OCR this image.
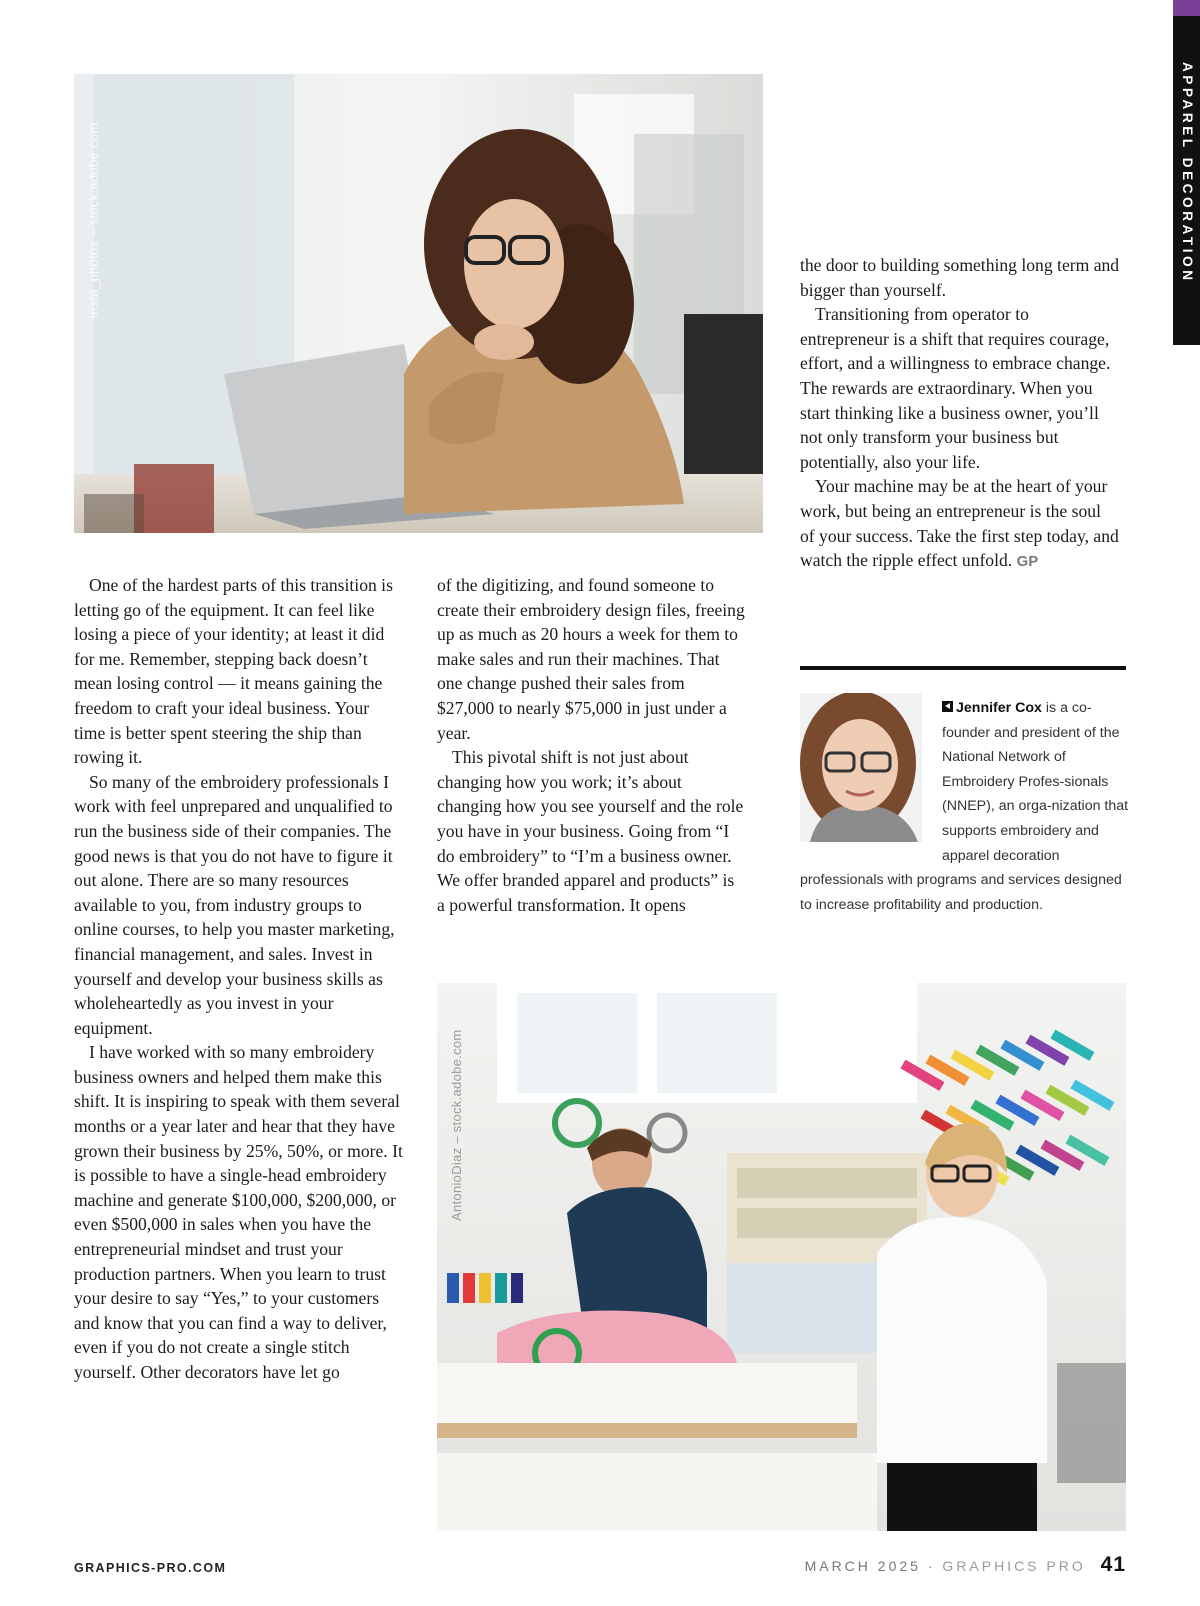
APPAREL DECORATION
insta_photos – stock.adobe.com

One of the hardest parts of this transition is letting go of the equipment. It can feel like losing a piece of your identity; at least it did for me. Remember, stepping back doesn’t mean losing control — it means gaining the freedom to craft your ideal business. Your time is better spent steering the ship than rowing it.

So many of the embroidery professionals I work with feel unprepared and unqualified to run the business side of their companies. The good news is that you do not have to figure it out alone. There are so many resources available to you, from industry groups to online courses, to help you master marketing, financial management, and sales. Invest in yourself and develop your business skills as wholeheartedly as you invest in your equipment.

I have worked with so many embroidery business owners and helped them make this shift. It is inspiring to speak with them several months or a year later and hear that they have grown their business by 25%, 50%, or more. It is possible to have a single-head embroidery machine and generate $100,000, $200,000, or even $500,000 in sales when you have the entrepreneurial mindset and trust your production partners. When you learn to trust your desire to say “Yes,” to your customers and know that you can find a way to deliver, even if you do not create a single stitch yourself. Other decorators have let go

of the digitizing, and found someone to create their embroidery design files, freeing up as much as 20 hours a week for them to make sales and run their machines. That one change pushed their sales from $27,000 to nearly $75,000 in just under a year.

This pivotal shift is not just about changing how you work; it’s about changing how you see yourself and the role you have in your business. Going from “I do embroidery” to “I’m a business owner. We offer branded apparel and products” is a powerful transformation. It opens

the door to building something long term and bigger than yourself.

Transitioning from operator to entrepreneur is a shift that requires courage, effort, and a willingness to embrace change. The rewards are extraordinary. When you start thinking like a business owner, you’ll not only transform your business but potentially, also your life.

Your machine may be at the heart of your work, but being an entrepreneur is the soul of your success. Take the first step today, and watch the ripple effect unfold. GP

Jennifer Cox is a co-founder and president of the National Network of Embroidery Profes-sionals (NNEP), an orga-nization that supports embroidery and apparel decoration professionals with programs and services designed to increase profitability and production.
AntonioDiaz – stock.adobe.com
GRAPHICS-PRO.COM	MARCH 2025 · GRAPHICS PRO 41
